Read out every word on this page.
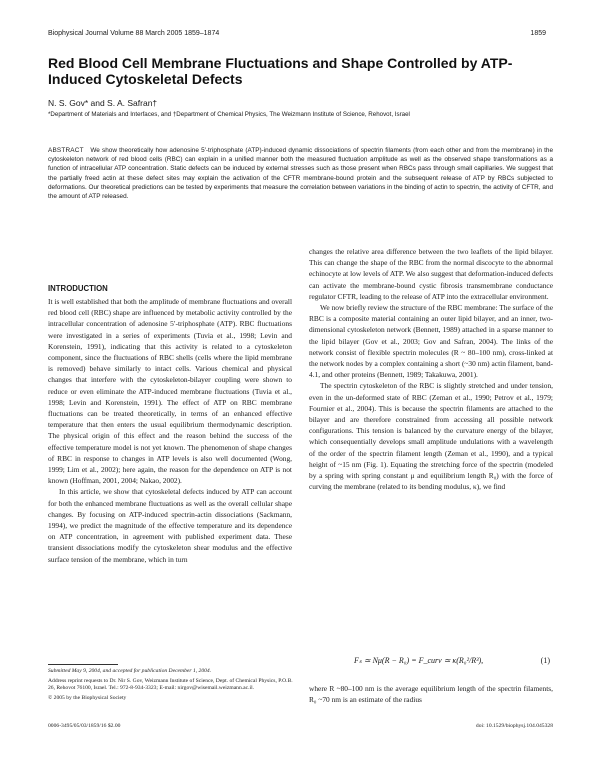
Biophysical Journal Volume 88 March 2005 1859–1874	1859
Red Blood Cell Membrane Fluctuations and Shape Controlled by ATP-Induced Cytoskeletal Defects
N. S. Gov* and S. A. Safran†
*Department of Materials and Interfaces, and †Department of Chemical Physics, The Weizmann Institute of Science, Rehovot, Israel
ABSTRACT We show theoretically how adenosine 5′-triphosphate (ATP)-induced dynamic dissociations of spectrin filaments (from each other and from the membrane) in the cytoskeleton network of red blood cells (RBC) can explain in a unified manner both the measured fluctuation amplitude as well as the observed shape transformations as a function of intracellular ATP concentration. Static defects can be induced by external stresses such as those present when RBCs pass through small capillaries. We suggest that the partially freed actin at these defect sites may explain the activation of the CFTR membrane-bound protein and the subsequent release of ATP by RBCs subjected to deformations. Our theoretical predictions can be tested by experiments that measure the correlation between variations in the binding of actin to spectrin, the activity of CFTR, and the amount of ATP released.
INTRODUCTION

It is well established that both the amplitude of membrane fluctuations and overall red blood cell (RBC) shape are influenced by metabolic activity controlled by the intracellular concentration of adenosine 5′-triphosphate (ATP). RBC fluctuations were investigated in a series of experiments (Tuvia et al., 1998; Levin and Korenstein, 1991), indicating that this activity is related to a cytoskeleton component, since the fluctuations of RBC shells (cells where the lipid membrane is removed) behave similarly to intact cells. Various chemical and physical changes that interfere with the cytoskeleton-bilayer coupling were shown to reduce or even eliminate the ATP-induced membrane fluctuations (Tuvia et al., 1998; Levin and Korenstein, 1991). The effect of ATP on RBC membrane fluctuations can be treated theoretically, in terms of an enhanced effective temperature that then enters the usual equilibrium thermodynamic description. The physical origin of this effect and the reason behind the success of the effective temperature model is not yet known. The phenomenon of shape changes of RBC in response to changes in ATP levels is also well documented (Wong, 1999; Lim et al., 2002); here again, the reason for the dependence on ATP is not known (Hoffman, 2001, 2004; Nakao, 2002).

In this article, we show that cytoskeletal defects induced by ATP can account for both the enhanced membrane fluctuations as well as the overall cellular shape changes. By focusing on ATP-induced spectrin-actin dissociations (Sackmann, 1994), we predict the magnitude of the effective temperature and its dependence on ATP concentration, in agreement with published experiment data. These transient dissociations modify the cytoskeleton shear modulus and the effective surface tension of the membrane, which in turn

changes the relative area difference between the two leaflets of the lipid bilayer. This can change the shape of the RBC from the normal discocyte to the abnormal echinocyte at low levels of ATP. We also suggest that deformation-induced defects can activate the membrane-bound cystic fibrosis transmembrane conductance regulator CFTR, leading to the release of ATP into the extracellular environment.

We now briefly review the structure of the RBC membrane: The surface of the RBC is a composite material containing an outer lipid bilayer, and an inner, two-dimensional cytoskeleton network (Bennett, 1989) attached in a sparse manner to the lipid bilayer (Gov et al., 2003; Gov and Safran, 2004). The links of the network consist of flexible spectrin molecules (R ~ 80–100 nm), cross-linked at the network nodes by a complex containing a short (~30 nm) actin filament, band-4.1, and other proteins (Bennett, 1989; Takakuwa, 2001).

The spectrin cytoskeleton of the RBC is slightly stretched and under tension, even in the un-deformed state of RBC (Zeman et al., 1990; Petrov et al., 1979; Fournier et al., 2004). This is because the spectrin filaments are attached to the bilayer and are therefore constrained from accessing all possible network configurations. This tension is balanced by the curvature energy of the bilayer, which consequentially develops small amplitude undulations with a wavelength of the order of the spectrin filament length (Zeman et al., 1990), and a typical height of ~15 nm (Fig. 1). Equating the stretching force of the spectrin (modeled by a spring with spring constant μ and equilibrium length R₀) with the force of curving the membrane (related to its bending modulus, κ), we find

Fₛ ≃ Nμ(R − R₀) = F_curv ≃ κ(R₀²/R³),	(1)
where R ~80–100 nm is the average equilibrium length of the spectrin filaments, R₀ ~70 nm is an estimate of the radius
Submitted May 9, 2004, and accepted for publication December 1, 2004.
Address reprint requests to Dr. Nir S. Gov, Weizmann Institute of Science, Dept. of Chemical Physics, P.O.B. 26, Rehovot 76100, Israel. Tel.: 972-8-934-3323; E-mail: nirgov@wisemail.weizmann.ac.il.
© 2005 by the Biophysical Society
0006-3495/05/03/1859/16 $2.00	doi: 10.1529/biophysj.104.045328
